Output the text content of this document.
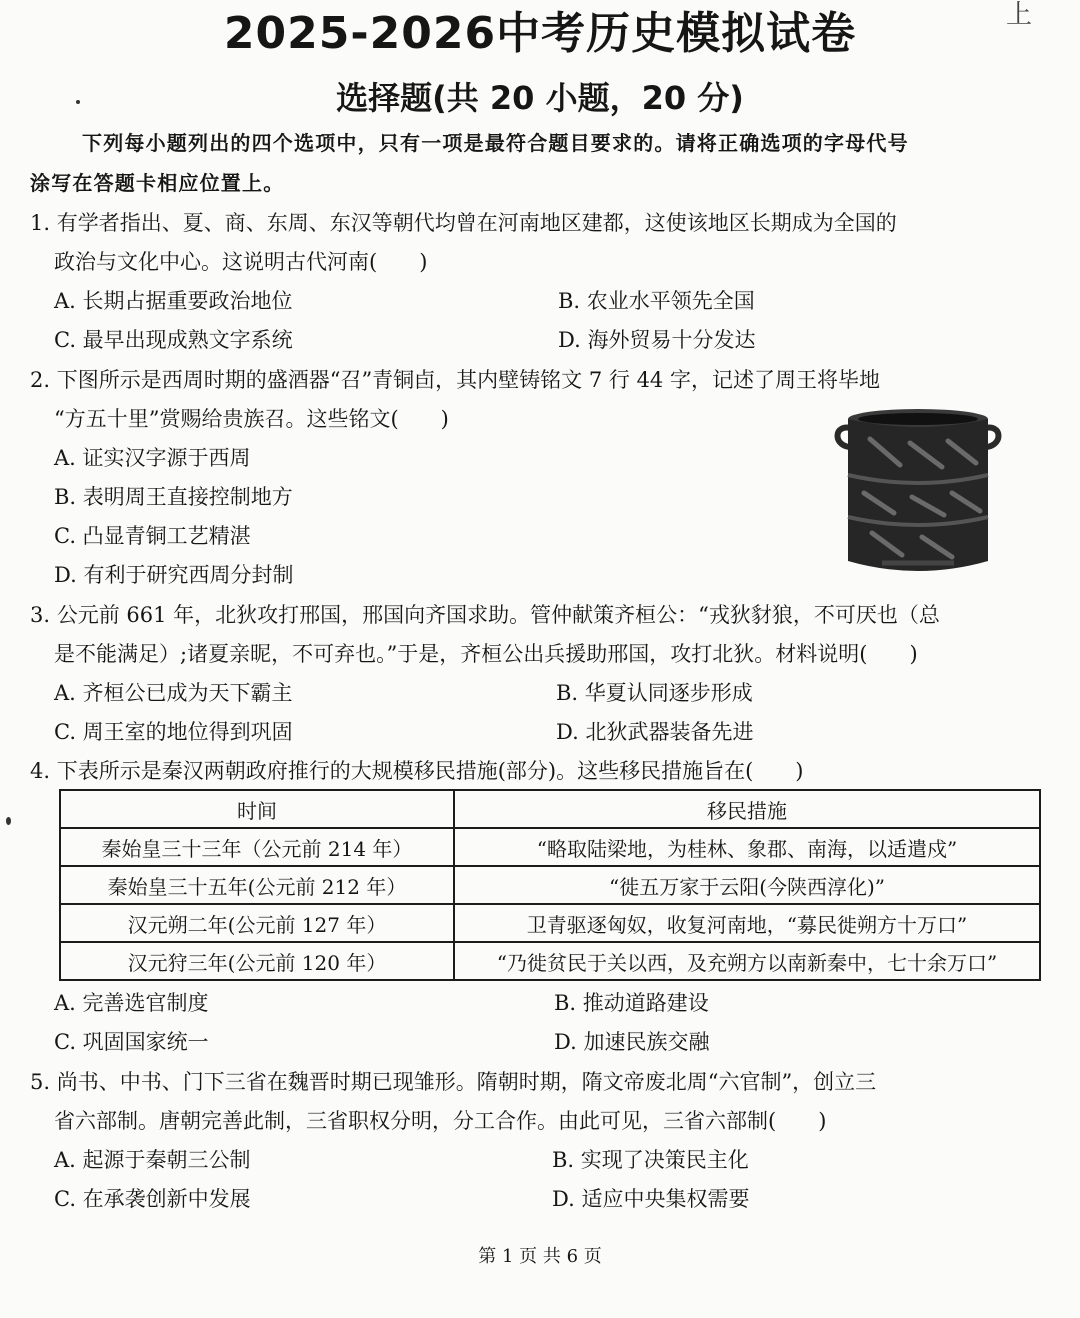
上
2025-2026中考历史模拟试卷
选择题(共 20 小题，20 分)
下列每小题列出的四个选项中，只有一项是最符合题目要求的。请将正确选项的字母代号
涂写在答题卡相应位置上。
1. 有学者指出、夏、商、东周、东汉等朝代均曾在河南地区建都，这使该地区长期成为全国的
政治与文化中心。这说明古代河南(　　)
A. 长期占据重要政治地位	B. 农业水平领先全国
C. 最早出现成熟文字系统	D. 海外贸易十分发达
2. 下图所示是西周时期的盛酒器“召”青铜卣，其内壁铸铭文 7 行 44 字，记述了周王将毕地
“方五十里”赏赐给贵族召。这些铭文(　　)
A. 证实汉字源于西周
B. 表明周王直接控制地方
C. 凸显青铜工艺精湛
D. 有利于研究西周分封制
3. 公元前 661 年，北狄攻打邢国，邢国向齐国求助。管仲献策齐桓公：“戎狄豺狼，不可厌也（总
是不能满足）;诸夏亲昵，不可弃也。”于是，齐桓公出兵援助邢国，攻打北狄。材料说明(　　)
A. 齐桓公已成为天下霸主	B. 华夏认同逐步形成
C. 周王室的地位得到巩固	D. 北狄武器装备先进
4. 下表所示是秦汉两朝政府推行的大规模移民措施(部分)。这些移民措施旨在(　　)
时间	移民措施
秦始皇三十三年（公元前 214 年）	“略取陆梁地，为桂林、象郡、南海，以适遣戍”
秦始皇三十五年(公元前 212 年）	“徙五万家于云阳(今陕西淳化)”
汉元朔二年(公元前 127 年）	卫青驱逐匈奴，收复河南地，“募民徙朔方十万口”
汉元狩三年(公元前 120 年）	“乃徙贫民于关以西，及充朔方以南新秦中，七十余万口”
A. 完善选官制度	B. 推动道路建设
C. 巩固国家统一	D. 加速民族交融
5. 尚书、中书、门下三省在魏晋时期已现雏形。隋朝时期，隋文帝废北周“六官制”，创立三
省六部制。唐朝完善此制，三省职权分明，分工合作。由此可见，三省六部制(　　)
A. 起源于秦朝三公制	B. 实现了决策民主化
C. 在承袭创新中发展	D. 适应中央集权需要
第 1 页 共 6 页
